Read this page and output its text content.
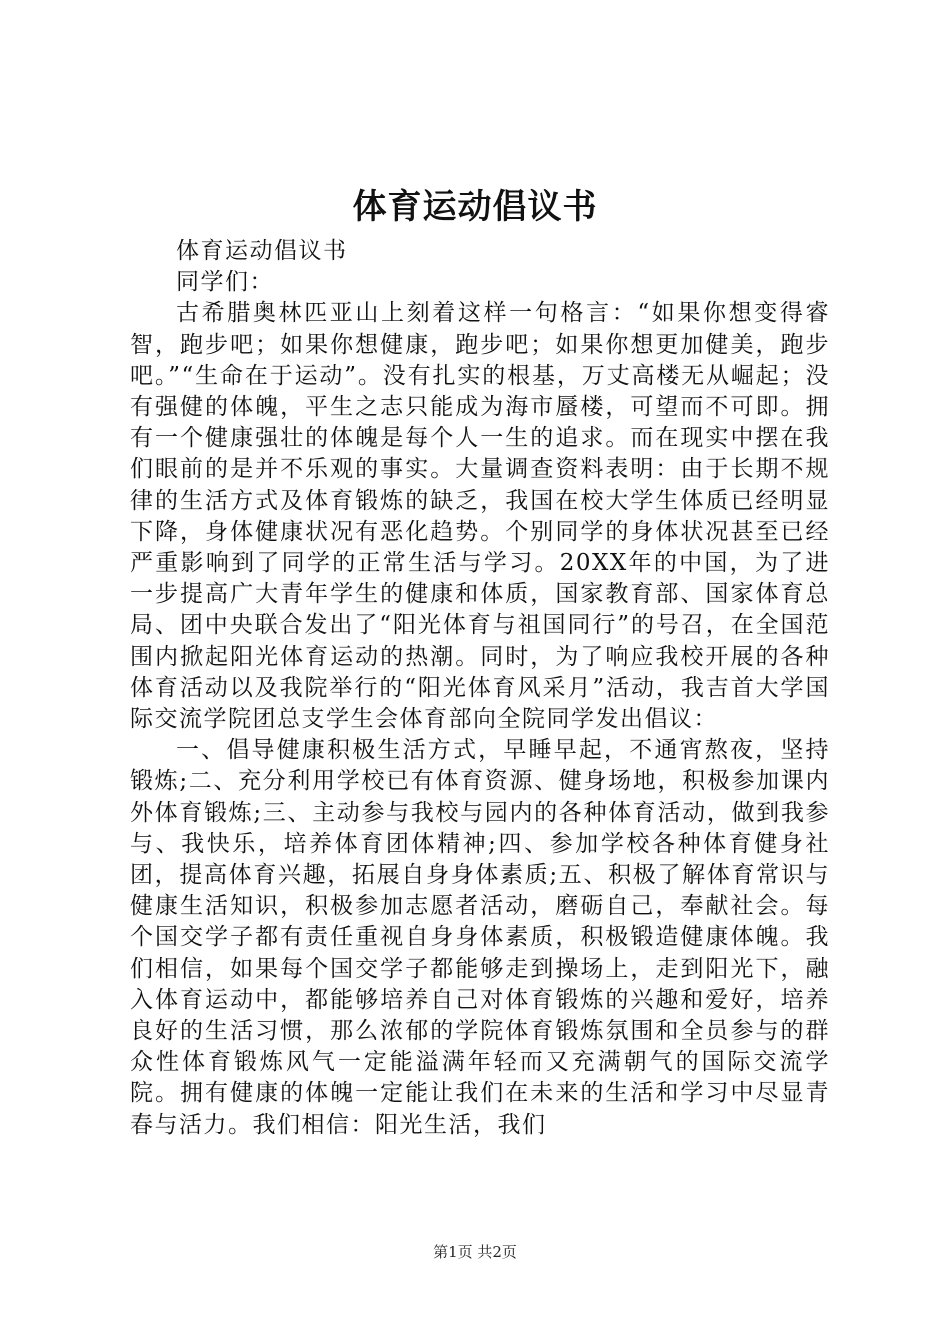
体育运动倡议书

体育运动倡议书

同学们：

古希腊奥林匹亚山上刻着这样一句格言：“如果你想变得睿智，跑步吧；如果你想健康，跑步吧；如果你想更加健美，跑步吧。”“生命在于运动”。没有扎实的根基，万丈高楼无从崛起；没有强健的体魄，平生之志只能成为海市蜃楼，可望而不可即。拥有一个健康强壮的体魄是每个人一生的追求。而在现实中摆在我们眼前的是并不乐观的事实。大量调查资料表明：由于长期不规律的生活方式及体育锻炼的缺乏，我国在校大学生体质已经明显下降，身体健康状况有恶化趋势。个别同学的身体状况甚至已经严重影响到了同学的正常生活与学习。20XX年的中国，为了进一步提高广大青年学生的健康和体质，国家教育部、国家体育总局、团中央联合发出了“阳光体育与祖国同行”的号召，在全国范围内掀起阳光体育运动的热潮。同时，为了响应我校开展的各种体育活动以及我院举行的“阳光体育风采月”活动，我吉首大学国际交流学院团总支学生会体育部向全院同学发出倡议：

一、倡导健康积极生活方式，早睡早起，不通宵熬夜，坚持锻炼;二、充分利用学校已有体育资源、健身场地，积极参加课内外体育锻炼;三、主动参与我校与园内的各种体育活动，做到我参与、我快乐，培养体育团体精神;四、参加学校各种体育健身社团，提高体育兴趣，拓展自身身体素质;五、积极了解体育常识与健康生活知识，积极参加志愿者活动，磨砺自己，奉献社会。每个国交学子都有责任重视自身身体素质，积极锻造健康体魄。我们相信，如果每个国交学子都能够走到操场上，走到阳光下，融入体育运动中，都能够培养自己对体育锻炼的兴趣和爱好，培养良好的生活习惯，那么浓郁的学院体育锻炼氛围和全员参与的群众性体育锻炼风气一定能溢满年轻而又充满朝气的国际交流学院。拥有健康的体魄一定能让我们在未来的生活和学习中尽显青春与活力。我们相信：阳光生活，我们

第1页 共2页
